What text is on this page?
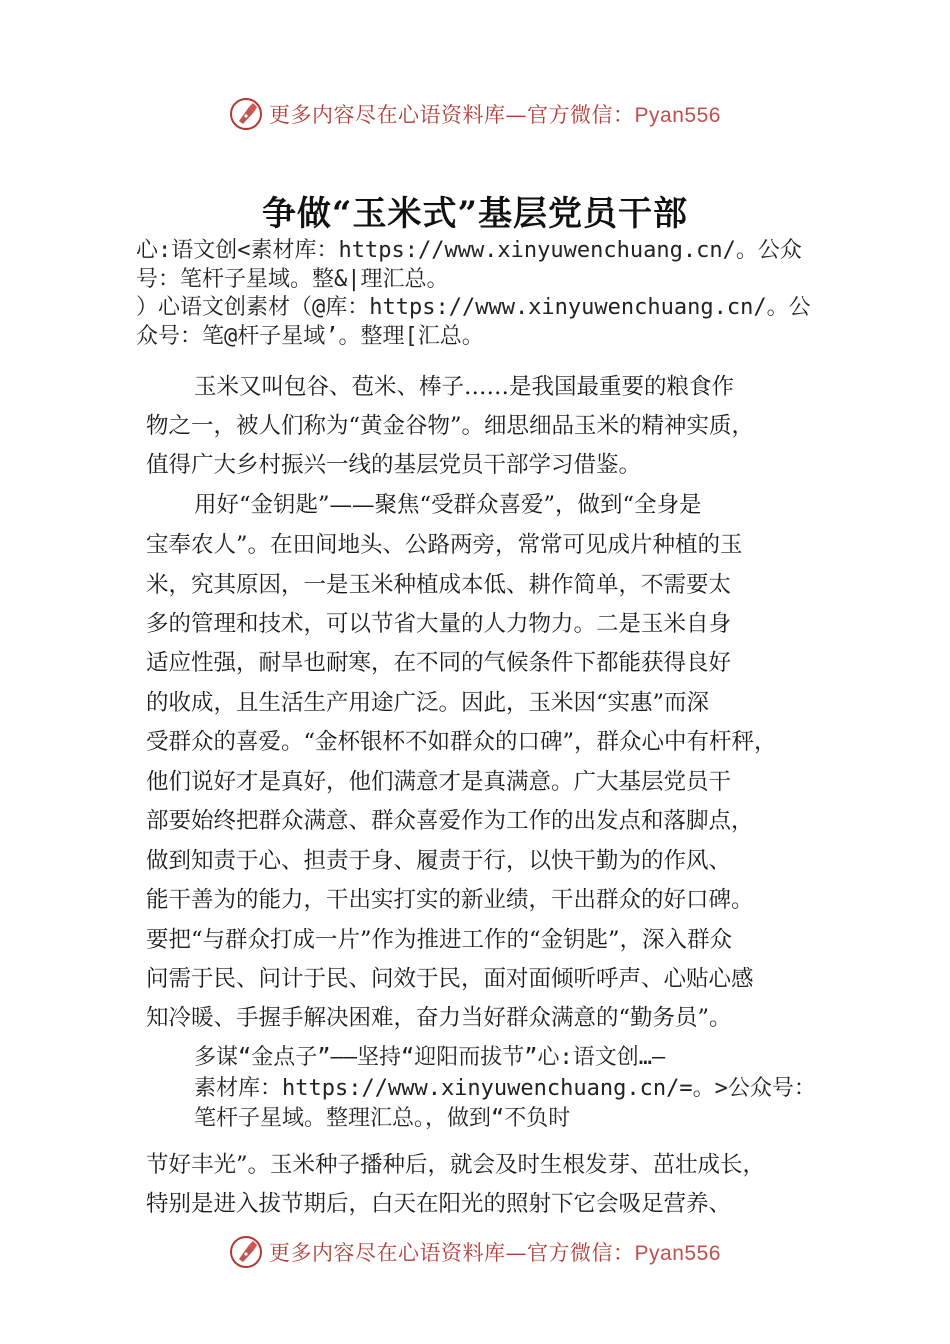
更多内容尽在心语资料库—官方微信：Pyan556
争做“玉米式”基层党员干部
心:语文创<素材库：https://www.xinyuwenchuang.cn/。公众
号：笔杆子星域。整&|理汇总。
）心语文创素材（@库：https://www.xinyuwenchuang.cn/。公
众号：笔@杆子星域’。整理[汇总。
玉米又叫包谷、苞米、棒子……是我国最重要的粮食作
物之一，被人们称为“黄金谷物”。细思细品玉米的精神实质，
值得广大乡村振兴一线的基层党员干部学习借鉴。
用好“金钥匙”——聚焦“受群众喜爱”，做到“全身是
宝奉农人”。在田间地头、公路两旁，常常可见成片种植的玉
米，究其原因，一是玉米种植成本低、耕作简单，不需要太
多的管理和技术，可以节省大量的人力物力。二是玉米自身
适应性强，耐旱也耐寒，在不同的气候条件下都能获得良好
的收成，且生活生产用途广泛。因此，玉米因“实惠”而深
受群众的喜爱。“金杯银杯不如群众的口碑”，群众心中有杆秤，
他们说好才是真好，他们满意才是真满意。广大基层党员干
部要始终把群众满意、群众喜爱作为工作的出发点和落脚点，
做到知责于心、担责于身、履责于行，以快干勤为的作风、
能干善为的能力，干出实打实的新业绩，干出群众的好口碑。
要把“与群众打成一片”作为推进工作的“金钥匙”，深入群众
问需于民、问计于民、问效于民，面对面倾听呼声、心贴心感
知冷暖、手握手解决困难，奋力当好群众满意的“勤务员”。
多谋“金点子”——坚持“迎阳而拔节”心:语文创…—
素材库：https://www.xinyuwenchuang.cn/=。>公众号：
笔杆子星域。整理汇总。，做到“不负时
节好丰光”。玉米种子播种后，就会及时生根发芽、茁壮成长，
特别是进入拔节期后，白天在阳光的照射下它会吸足营养、
更多内容尽在心语资料库—官方微信：Pyan556
